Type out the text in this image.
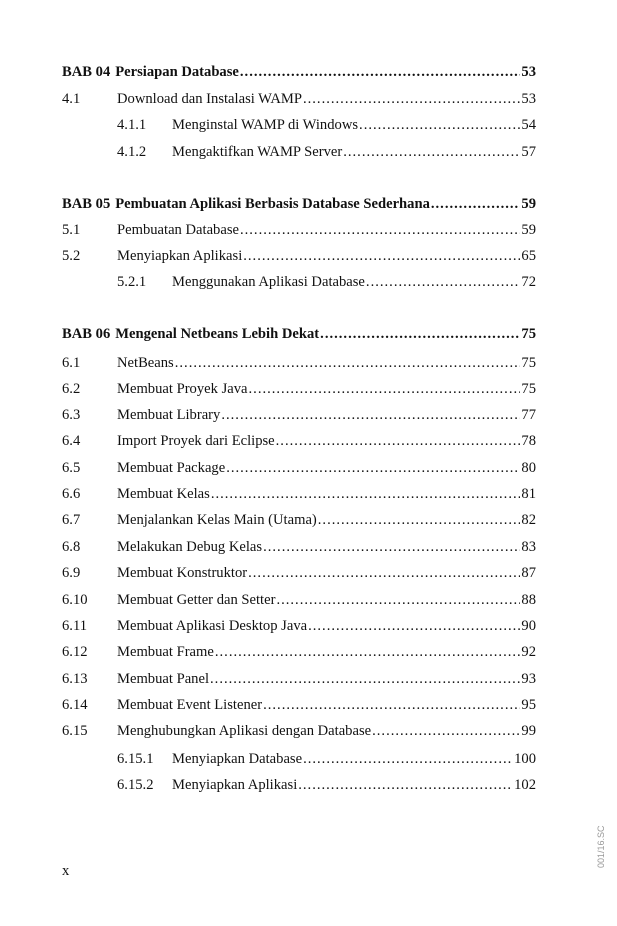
BAB 04 Persiapan Database .....	53
4.1	Download dan Instalasi WAMP .....	53
4.1.1	Menginstal WAMP di Windows .....	54
4.1.2	Mengaktifkan WAMP Server .....	57
BAB 05 Pembuatan Aplikasi Berbasis Database Sederhana .....	59
5.1	Pembuatan Database .....	59
5.2	Menyiapkan Aplikasi .....	65
5.2.1	Menggunakan Aplikasi Database .....	72
BAB 06 Mengenal Netbeans Lebih Dekat .....	75
6.1	NetBeans .....	75
6.2	Membuat Proyek Java .....	75
6.3	Membuat Library .....	77
6.4	Import Proyek dari Eclipse .....	78
6.5	Membuat Package .....	80
6.6	Membuat Kelas .....	81
6.7	Menjalankan Kelas Main (Utama) .....	82
6.8	Melakukan Debug Kelas .....	83
6.9	Membuat Konstruktor .....	87
6.10	Membuat Getter dan Setter .....	88
6.11	Membuat Aplikasi Desktop Java .....	90
6.12	Membuat Frame .....	92
6.13	Membuat Panel .....	93
6.14	Membuat Event Listener .....	95
6.15	Menghubungkan Aplikasi dengan Database .....	99
6.15.1	Menyiapkan Database .....	100
6.15.2	Menyiapkan Aplikasi .....	102
x
001/16.SC
